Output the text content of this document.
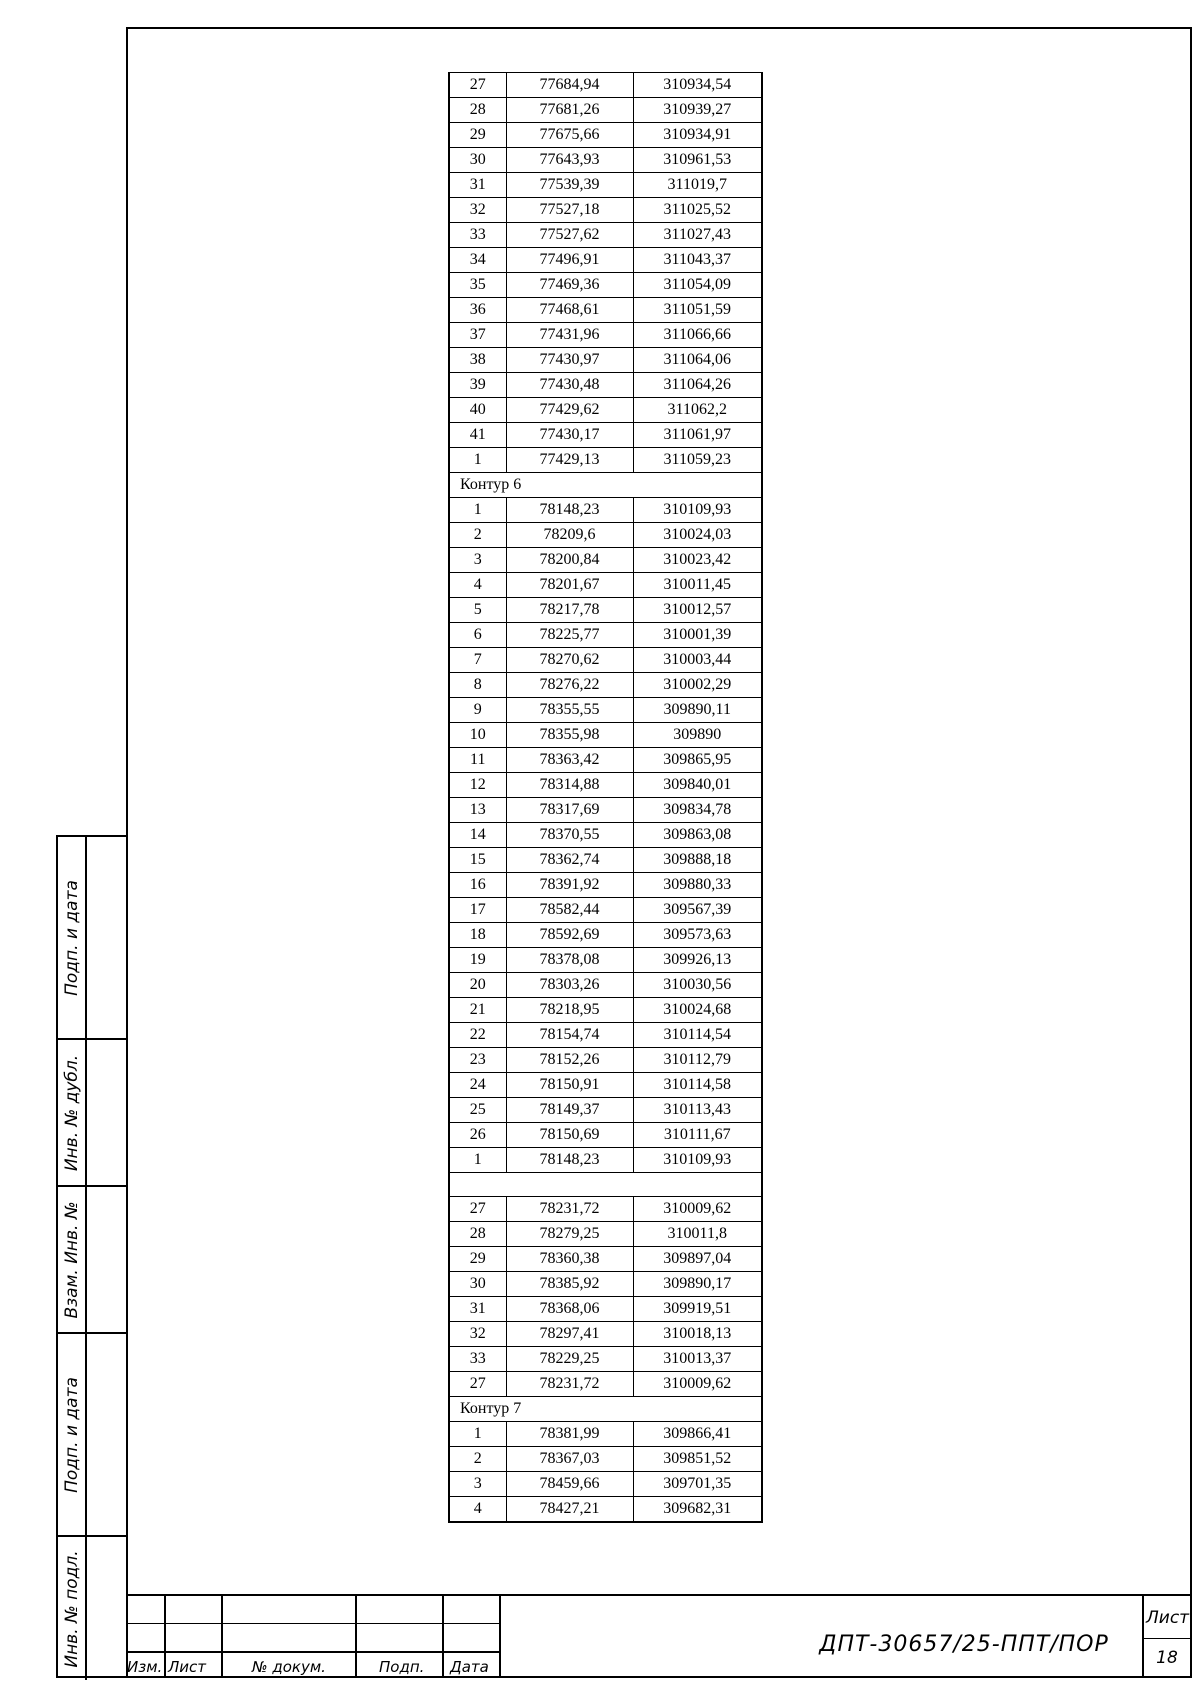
Подп. и дата
Инв. № дубл.
Взам. Инв. №
Подп. и дата
Инв. № подл.
27	77684,94	310934,54
28	77681,26	310939,27
29	77675,66	310934,91
30	77643,93	310961,53
31	77539,39	311019,7
32	77527,18	311025,52
33	77527,62	311027,43
34	77496,91	311043,37
35	77469,36	311054,09
36	77468,61	311051,59
37	77431,96	311066,66
38	77430,97	311064,06
39	77430,48	311064,26
40	77429,62	311062,2
41	77430,17	311061,97
1	77429,13	311059,23
Контур 6		
1	78148,23	310109,93
2	78209,6	310024,03
3	78200,84	310023,42
4	78201,67	310011,45
5	78217,78	310012,57
6	78225,77	310001,39
7	78270,62	310003,44
8	78276,22	310002,29
9	78355,55	309890,11
10	78355,98	309890
11	78363,42	309865,95
12	78314,88	309840,01
13	78317,69	309834,78
14	78370,55	309863,08
15	78362,74	309888,18
16	78391,92	309880,33
17	78582,44	309567,39
18	78592,69	309573,63
19	78378,08	309926,13
20	78303,26	310030,56
21	78218,95	310024,68
22	78154,74	310114,54
23	78152,26	310112,79
24	78150,91	310114,58
25	78149,37	310113,43
26	78150,69	310111,67
1	78148,23	310109,93

27	78231,72	310009,62
28	78279,25	310011,8
29	78360,38	309897,04
30	78385,92	309890,17
31	78368,06	309919,51
32	78297,41	310018,13
33	78229,25	310013,37
27	78231,72	310009,62
Контур 7		
1	78381,99	309866,41
2	78367,03	309851,52
3	78459,66	309701,35
4	78427,21	309682,31
Изм. Лист	№ докум.	Подп. Дата
ДПТ-30657/25-ППТ/ПОР
Лист
18
